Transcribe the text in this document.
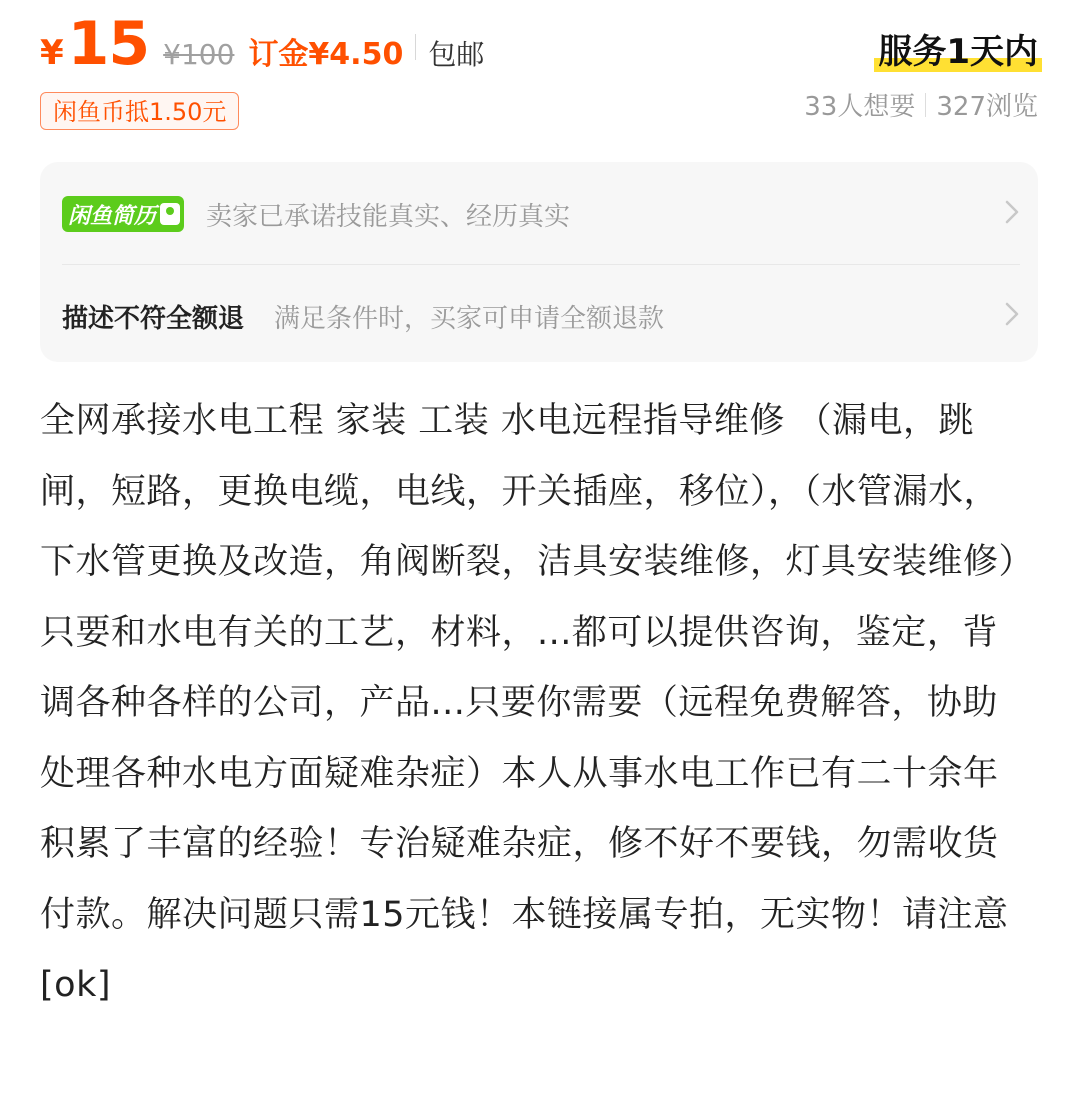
¥ 15 ¥100 订金¥4.50 包邮
闲鱼币抵1.50元
服务1天内
33人想要 327浏览
闲鱼简历 卖家已承诺技能真实、经历真实
描述不符全额退 满足条件时，买家可申请全额退款
全网承接水电工程 家装 工装 水电远程指导维修 （漏电，跳闸，短路，更换电缆，电线，开关插座，移位），（水管漏水，下水管更换及改造，角阀断裂，洁具安装维修，灯具安装维修）只要和水电有关的工艺，材料，...都可以提供咨询，鉴定，背调各种各样的公司，产品...只要你需要（远程免费解答，协助处理各种水电方面疑难杂症）本人从事水电工作已有二十余年积累了丰富的经验！专治疑难杂症，修不好不要钱，勿需收货付款。解决问题只需15元钱！本链接属专拍，无实物！请注意[ok]
